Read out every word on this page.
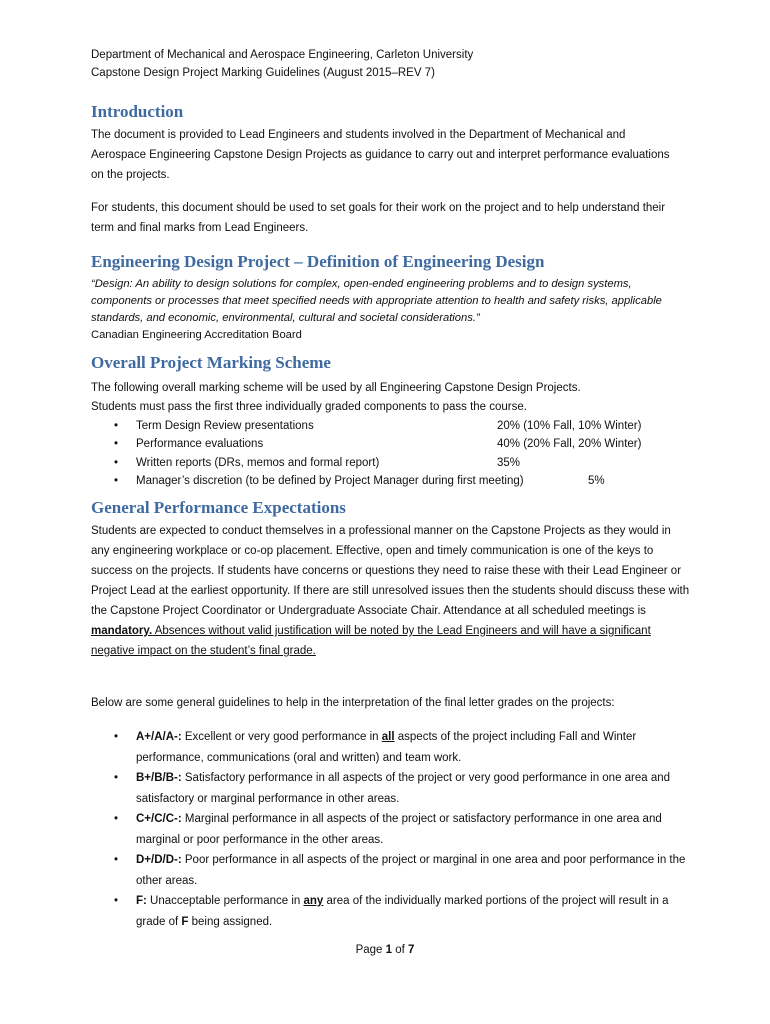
Department of Mechanical and Aerospace Engineering, Carleton University
Capstone Design Project Marking Guidelines (August 2015–REV 7)
Introduction
The document is provided to Lead Engineers and students involved in the Department of Mechanical and Aerospace Engineering Capstone Design Projects as guidance to carry out and interpret performance evaluations on the projects.
For students, this document should be used to set goals for their work on the project and to help understand their term and final marks from Lead Engineers.
Engineering Design Project – Definition of Engineering Design
“Design: An ability to design solutions for complex, open-ended engineering problems and to design systems, components or processes that meet specified needs with appropriate attention to health and safety risks, applicable standards, and economic, environmental, cultural and societal considerations.”
Canadian Engineering Accreditation Board
Overall Project Marking Scheme
The following overall marking scheme will be used by all Engineering Capstone Design Projects.
Students must pass the first three individually graded components to pass the course.
• Term Design Review presentations	20% (10% Fall, 10% Winter)
• Performance evaluations	40% (20% Fall, 20% Winter)
• Written reports (DRs, memos and formal report)	35%
• Manager’s discretion (to be defined by Project Manager during first meeting)	5%
General Performance Expectations
Students are expected to conduct themselves in a professional manner on the Capstone Projects as they would in any engineering workplace or co-op placement. Effective, open and timely communication is one of the keys to success on the projects. If students have concerns or questions they need to raise these with their Lead Engineer or Project Lead at the earliest opportunity. If there are still unresolved issues then the students should discuss these with the Capstone Project Coordinator or Undergraduate Associate Chair. Attendance at all scheduled meetings is mandatory. Absences without valid justification will be noted by the Lead Engineers and will have a significant negative impact on the student’s final grade.
Below are some general guidelines to help in the interpretation of the final letter grades on the projects:
• A+/A/A-: Excellent or very good performance in all aspects of the project including Fall and Winter performance, communications (oral and written) and team work.
• B+/B/B-: Satisfactory performance in all aspects of the project or very good performance in one area and satisfactory or marginal performance in other areas.
• C+/C/C-: Marginal performance in all aspects of the project or satisfactory performance in one area and marginal or poor performance in the other areas.
• D+/D/D-: Poor performance in all aspects of the project or marginal in one area and poor performance in the other areas.
• F: Unacceptable performance in any area of the individually marked portions of the project will result in a grade of F being assigned.
Page 1 of 7
